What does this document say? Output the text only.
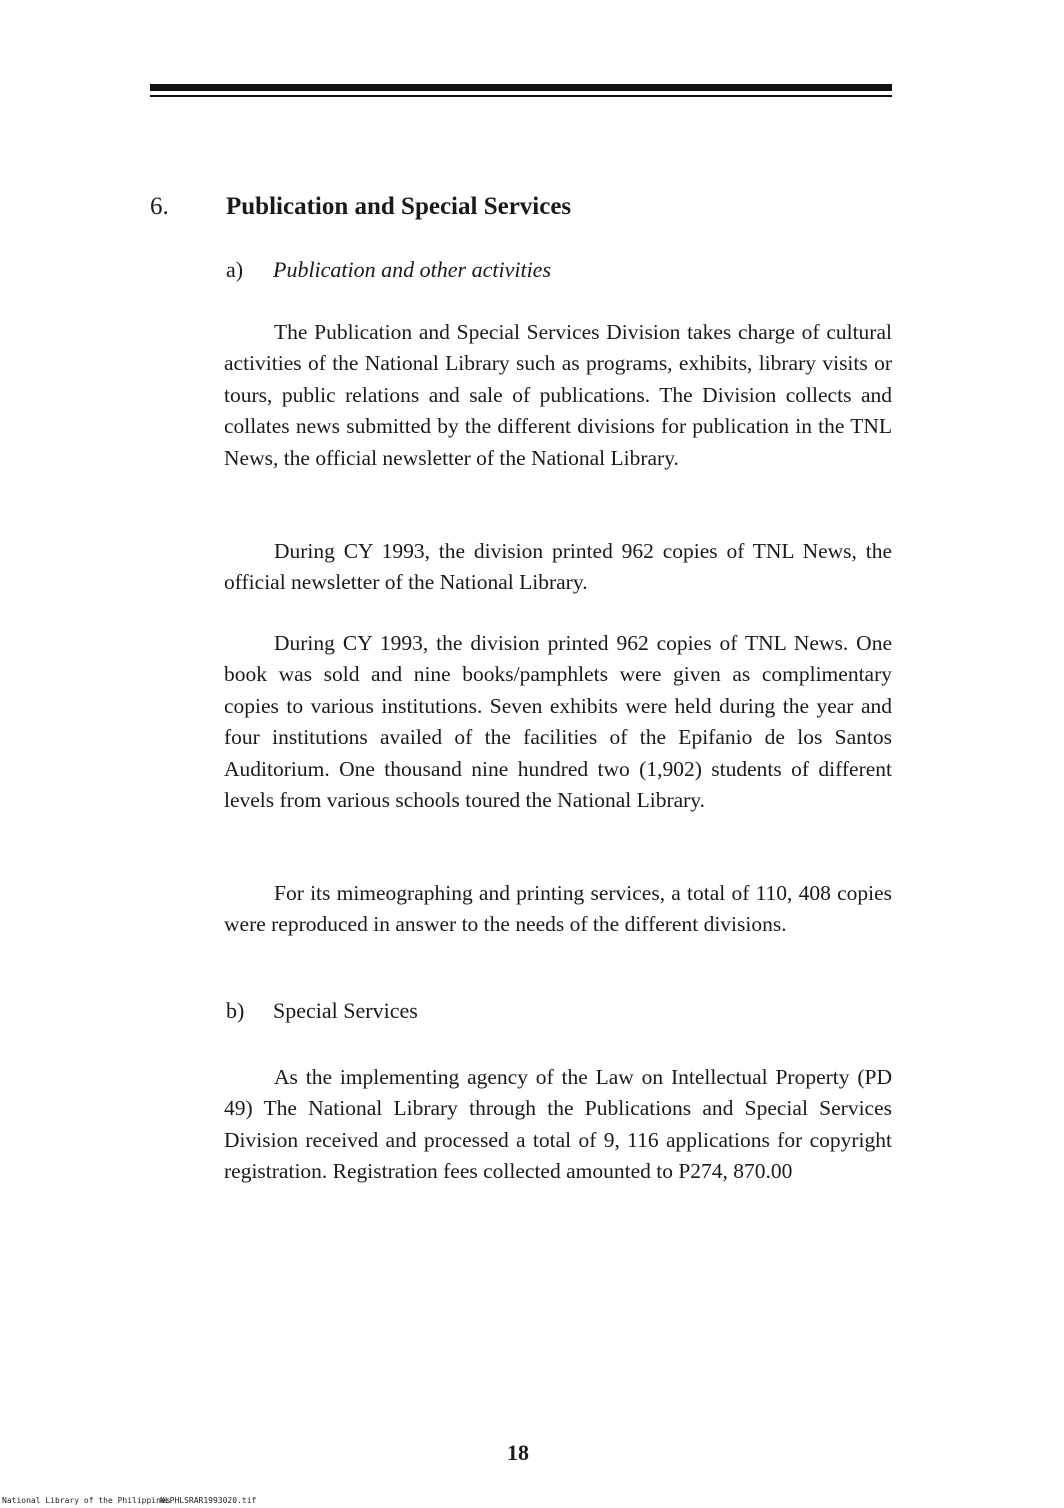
6. Publication and Special Services
a) Publication and other activities

The Publication and Special Services Division takes charge of cultural activities of the National Library such as programs, exhibits, library visits or tours, public relations and sale of publications. The Division collects and collates news submitted by the different divisions for publication in the TNL News, the official newsletter of the National Library.

During CY 1993, the division printed 962 copies of TNL News, the official newsletter of the National Library.

During CY 1993, the division printed 962 copies of TNL News. One book was sold and nine books/pamphlets were given as complimentary copies to various institutions. Seven exhibits were held during the year and four institutions availed of the facilities of the Epifanio de los Santos Auditorium. One thousand nine hundred two (1,902) students of different levels from various schools toured the National Library.

For its mimeographing and printing services, a total of 110, 408 copies were reproduced in answer to the needs of the different divisions.

b) Special Services

As the implementing agency of the Law on Intellectual Property (PD 49) The National Library through the Publications and Special Services Division received and processed a total of 9, 116 applications for copyright registration. Registration fees collected amounted to P274, 870.00

18
National Library of the Philippines
NLPHLSRAR1993020.tif
